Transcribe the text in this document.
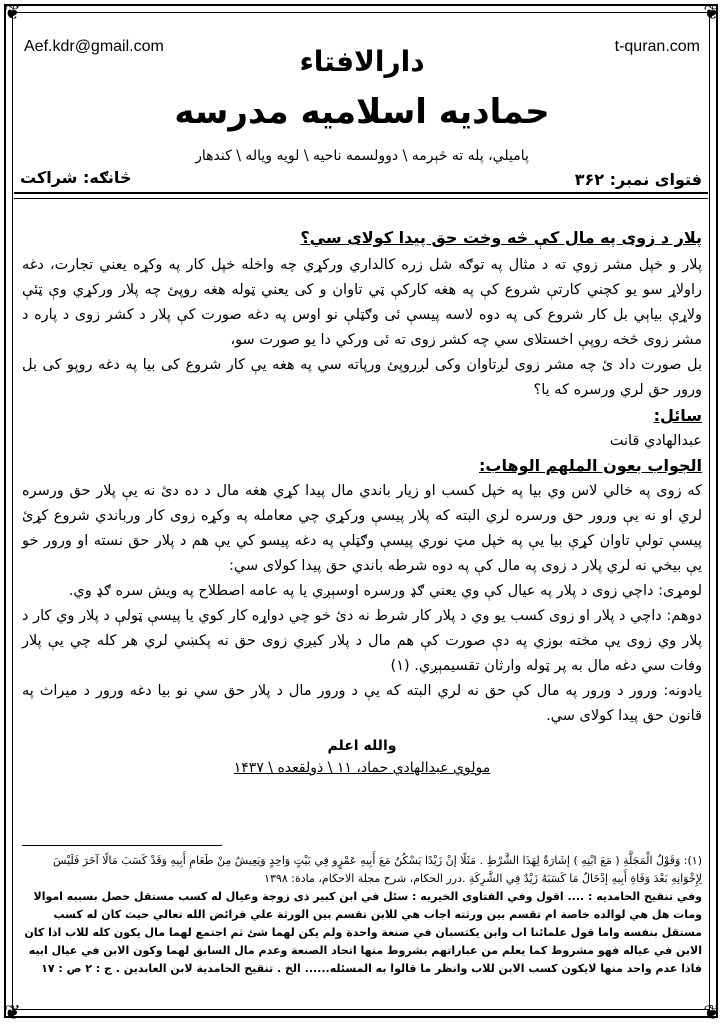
❦	❦
❦	❦
Aef.kdr@gmail.com	t-quran.com
دارالافتاء
حمادیه اسلامیه مدرسه
پامیلي، پله ته څېرمه \ دوولسمه ناحیه \ لویه ویاله \ کندهار
فتوای نمبر: ۳۶۲
څانګه: شراکت

پلار د زوی په مال کې څه وخت حق پیدا کولای سي؟

پلار و خپل مشر زوي ته د مثال په توګه شل زره کالداري ورکړي چه واخله خپل کار په وکړه یعني تجارت، دغه راولاړ سو یو کچني کارتې شروع کې په هغه کارکې ټي تاوان و کی یعني ټوله هغه روپئ چه پلار ورکړي وې ټئې ولاړې بیاېي بل کار شروع کی په دوه لاسه پیسې ئی وګټلې نو اوس په دغه صورت کې پلار د کشر زوی د پاره د مشر زوی څخه روپې اخستلای سي چه کشر زوی ته ئی ورکي دا یو صورت سو،

بل صورت داد ئ چه مشر زوی لږتاوان وکی لږروپئ ورپاته سي په هغه یې کار شروع کی بیا په دغه روپو کی بل ورور حق لري ورسره که یا؟

سائل:

عبدالهادي قانت

الجواب بعون الملهم الوهاب:

که زوی په خالي لاس وي بیا په خپل کسب او زیار باندي مال پیدا کړي هغه مال د ده دئ نه یې پلار حق ورسره لري او نه یې ورور حق ورسره لري البته که پلار پیسې ورکړي چي معامله په وکړه زوی کار ورباندي شروع کړئ پیسې تولې تاوان کړې بیا یې په خپل مټ نوري پیسې وګټلې په دغه پیسو کي یې هم د پلار حق نسته او ورور خو یې بیخي نه لري پلار د زوی په مال کې په دوه شرطه باندي حق پیدا کولای سي:

لومړی: داچي زوی د پلار په عیال کې وي یعني ګډ ورسره اوسېږي یا په عامه اصطلاح په ویش سره ګډ وي.

دوهم: داچي د پلار او زوی کسب یو وي د پلار کار شرط نه دئ خو چي دواړه کار کوي یا پیسې ټولې د پلار وي کار د پلار وي زوی یې مخته بوزي په دې صورت کې هم مال د پلار کیږي زوی حق نه پکښي لري هر کله چي یې پلار وفات سي دغه مال به پر ټوله وارثان تقسیمېږي. (۱)

یادونه: ورور د ورور په مال کې حق نه لري البته که یې د ورور مال د پلار حق سي نو بیا دغه ورور د میراث په قانون حق پیدا کولای سي.

والله اعلم
مولوي عبدالهادي حماد، ۱۱ \ ذولقعده \ ۱۴۳۷

(۱): وَقَوْلُ الْمَجَلَّةِ ( مَعَ ابْنِهِ ) إشَارَةٌ لِهَذَا الشَّرْطِ . مَثَلًا إنْ زَيْدًا يَسْكُنُ مَعَ أَبِيهِ عَمْرٍو فِي بَيْتٍ وَاحِدٍ وَيَعِيشُ مِنْ طَعَامِ أَبِيهِ وَقَدْ كَسَبَ مَالًا آخَرَ فَلَيْسَ لِإِخْوَانِهِ بَعْدَ وَفَاةِ أَبِيهِ إدْخَالُ مَا كَسَبَهُ زَيْدٌ فِي الشَّرِكَةِ .درر الحكام، شرح مجلة الاحكام، مادة: ۱۳۹۸

وفي تنقيح الحامديه : .... اقول وفي الفتاوى الخيريه : سئل في ابن كبير ذى زوجة وعيال له كسب مستقل حصل بسببه اموالا ومات هل هي لوالده خاصة ام تقسم بين ورثته اجاب هي للابن تقسم بين الورثة علي فرائض الله تعالي حيث كان له كسب مستقل بنفسه واما قول علمائنا اب وابن يكتسبان في صنعة واحدة ولم يكن لهما شئ ثم اجتمع لهما مال يكون كله للاب اذا كان الابن في عياله فهو مشروط كما يعلم من عباراتهم بشروط منها اتحاد الصنعة وعدم مال السابق لهما وكون الابن في عيال ابيه فاذا عدم واحد منها لايكون كسب الابن للاب وانظر ما قالوا به المسئله...... الخ . تنقيح الحامدية لابن العابدين . ج : ۲ ص : ۱۷
